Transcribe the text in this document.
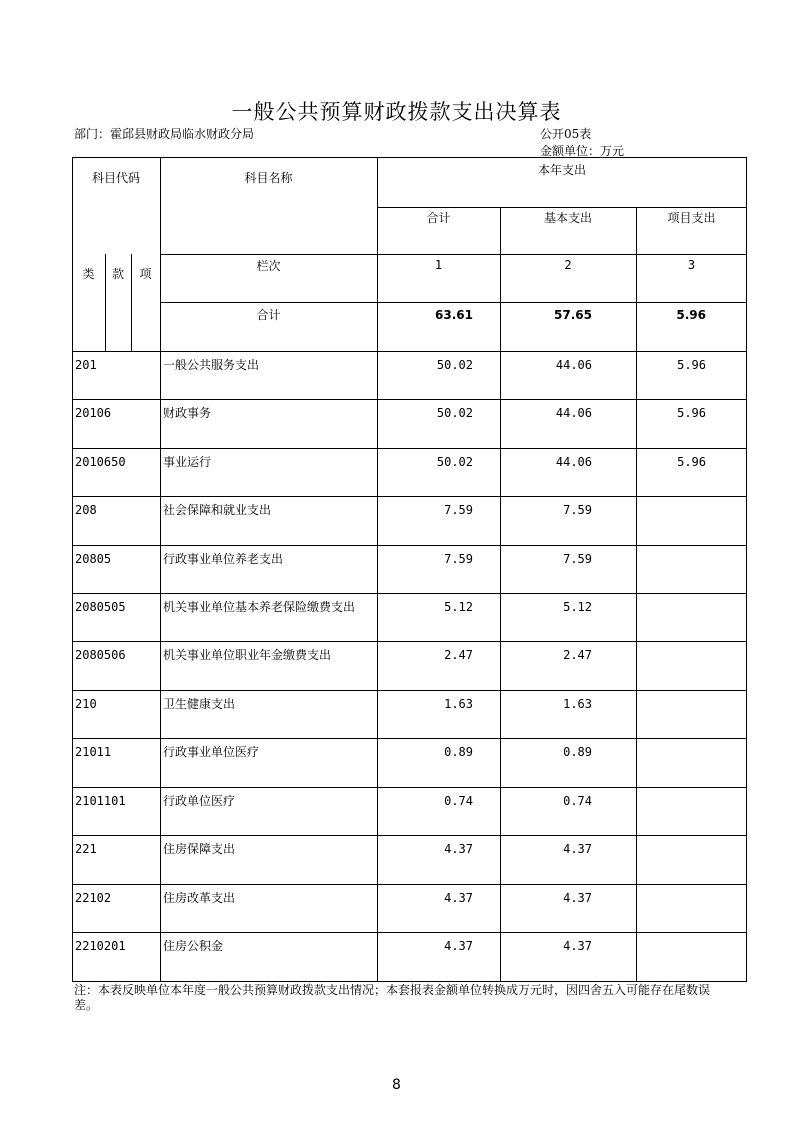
一般公共预算财政拨款支出决算表
部门：霍邱县财政局临水财政分局	公开05表
金额单位：万元
科目代码	科目名称
本年支出
合计	基本支出	项目支出
类	款	项
栏次	1	2	3
合计	63.61	57.65	5.96
201	一般公共服务支出	50.02	44.06	5.96
20106	财政事务	50.02	44.06	5.96
2010650	事业运行	50.02	44.06	5.96
208	社会保障和就业支出	7.59	7.59
20805	行政事业单位养老支出	7.59	7.59
2080505	机关事业单位基本养老保险缴费支出	5.12	5.12
2080506	机关事业单位职业年金缴费支出	2.47	2.47
210	卫生健康支出	1.63	1.63
21011	行政事业单位医疗	0.89	0.89
2101101	行政单位医疗	0.74	0.74
221	住房保障支出	4.37	4.37
22102	住房改革支出	4.37	4.37
2210201	住房公积金	4.37	4.37
注：本表反映单位本年度一般公共预算财政拨款支出情况；本套报表金额单位转换成万元时，因四舍五入可能存在尾数误差。
8
